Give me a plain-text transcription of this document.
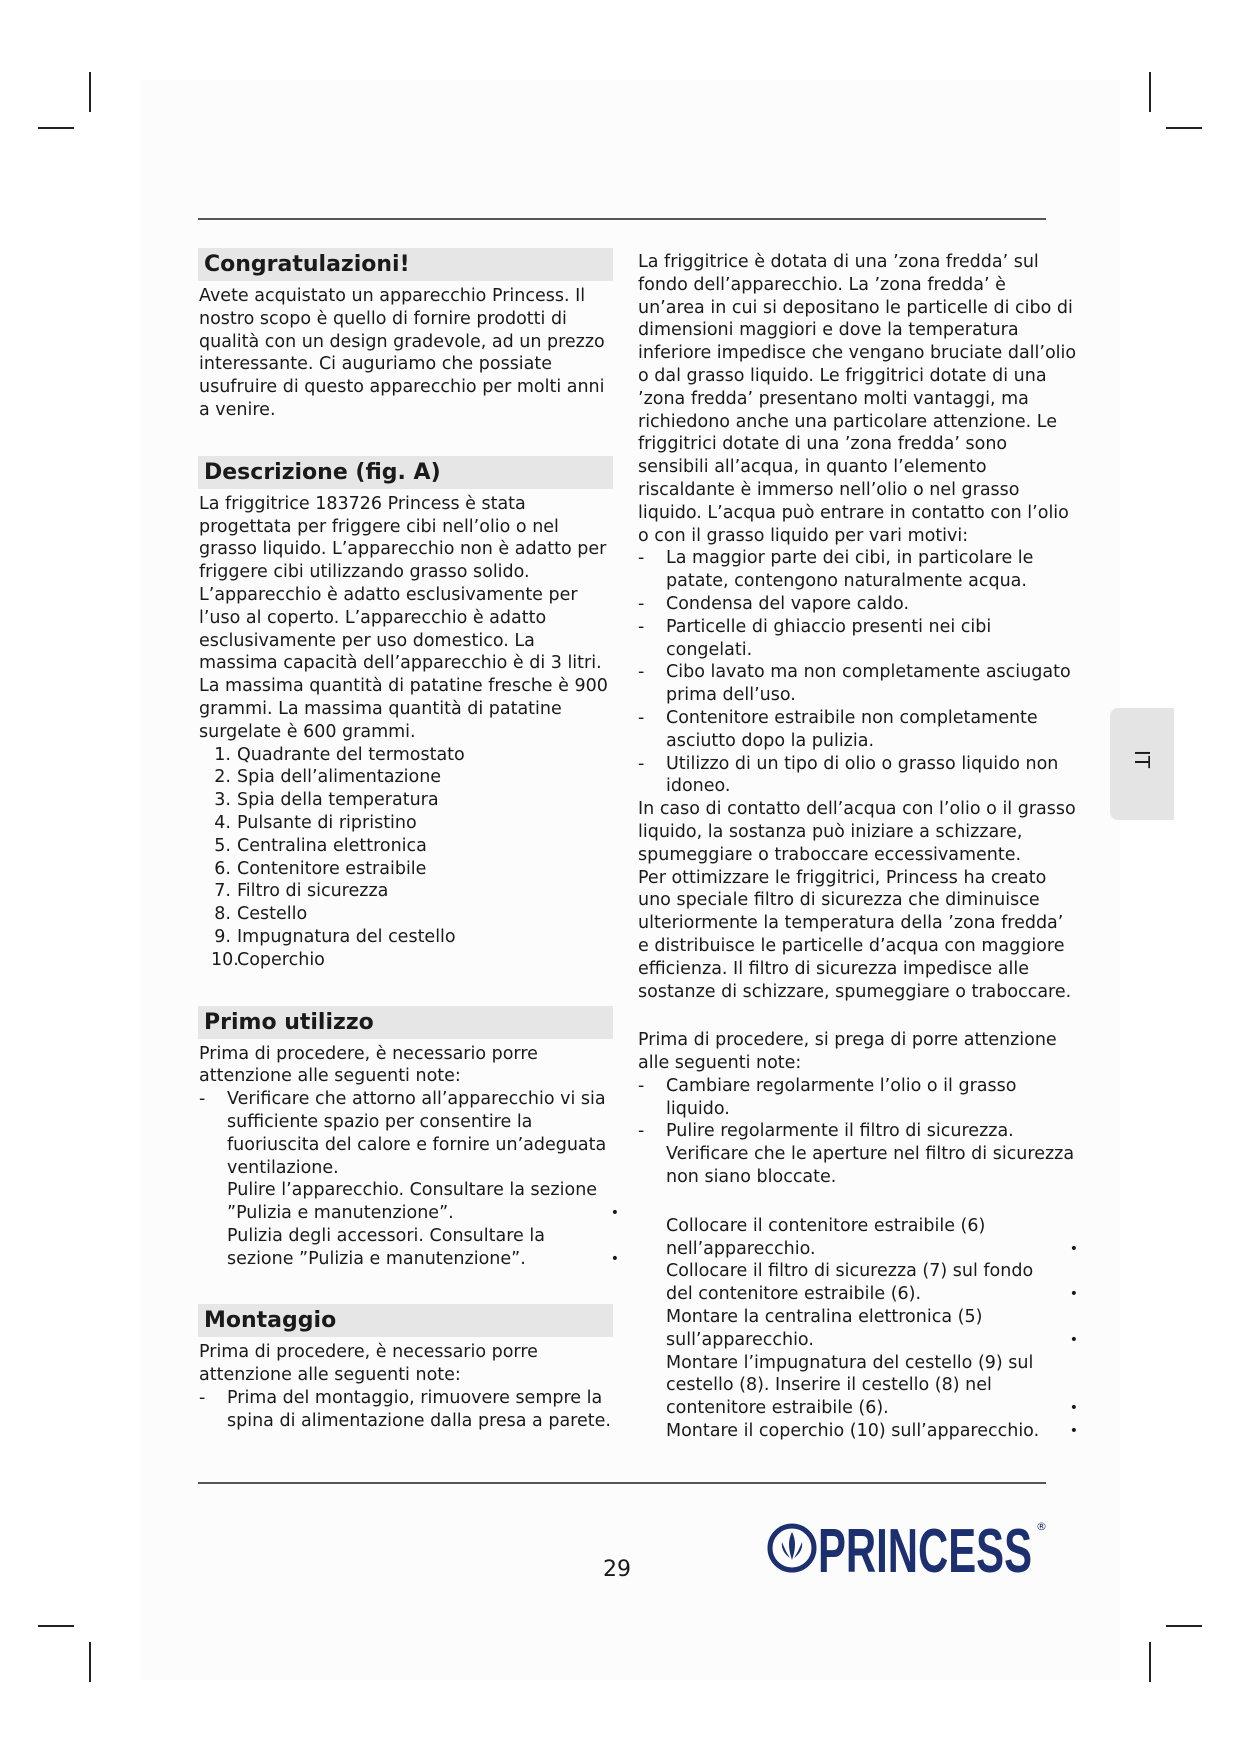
Congratulazioni!

Avete acquistato un apparecchio Princess. Il nostro scopo è quello di fornire prodotti di qualità con un design gradevole, ad un prezzo interessante. Ci auguriamo che possiate usufruire di questo apparecchio per molti anni a venire.

Descrizione (fig. A)

La friggitrice 183726 Princess è stata progettata per friggere cibi nell’olio o nel grasso liquido. L’apparecchio non è adatto per friggere cibi utilizzando grasso solido. L’apparecchio è adatto esclusivamente per l’uso al coperto. L’apparecchio è adatto esclusivamente per uso domestico. La massima capacità dell’apparecchio è di 3 litri. La massima quantità di patatine fresche è 900 grammi. La massima quantità di patatine surgelate è 600 grammi.

1. Quadrante del termostato
2. Spia dell’alimentazione
3. Spia della temperatura
4. Pulsante di ripristino
5. Centralina elettronica
6. Contenitore estraibile
7. Filtro di sicurezza
8. Cestello
9. Impugnatura del cestello
10.Coperchio
Primo utilizzo

Prima di procedere, è necessario porre attenzione alle seguenti note:

- Verificare che attorno all’apparecchio vi sia sufficiente spazio per consentire la fuoriuscita del calore e fornire un’adeguata ventilazione.
Pulire l’apparecchio. Consultare la sezione ”Pulizia e manutenzione”.	•
Pulizia degli accessori. Consultare la sezione ”Pulizia e manutenzione”.	•
Montaggio

Prima di procedere, è necessario porre attenzione alle seguenti note:

- Prima del montaggio, rimuovere sempre la spina di alimentazione dalla presa a parete.

La friggitrice è dotata di una ’zona fredda’ sul fondo dell’apparecchio. La ’zona fredda’ è un’area in cui si depositano le particelle di cibo di dimensioni maggiori e dove la temperatura inferiore impedisce che vengano bruciate dall’olio o dal grasso liquido. Le friggitrici dotate di una ’zona fredda’ presentano molti vantaggi, ma richiedono anche una particolare attenzione. Le friggitrici dotate di una ’zona fredda’ sono sensibili all’acqua, in quanto l’elemento riscaldante è immerso nell’olio o nel grasso liquido. L’acqua può entrare in contatto con l’olio o con il grasso liquido per vari motivi:

- La maggior parte dei cibi, in particolare le patate, contengono naturalmente acqua.
- Condensa del vapore caldo.
- Particelle di ghiaccio presenti nei cibi congelati.
- Cibo lavato ma non completamente asciugato prima dell’uso.
- Contenitore estraibile non completamente asciutto dopo la pulizia.
- Utilizzo di un tipo di olio o grasso liquido non idoneo.

In caso di contatto dell’acqua con l’olio o il grasso liquido, la sostanza può iniziare a schizzare, spumeggiare o traboccare eccessivamente.

Per ottimizzare le friggitrici, Princess ha creato uno speciale filtro di sicurezza che diminuisce ulteriormente la temperatura della ’zona fredda’ e distribuisce le particelle d’acqua con maggiore efficienza. Il filtro di sicurezza impedisce alle sostanze di schizzare, spumeggiare o traboccare.

Prima di procedere, si prega di porre attenzione alle seguenti note:

- Cambiare regolarmente l’olio o il grasso liquido.
- Pulire regolarmente il filtro di sicurezza. Verificare che le aperture nel filtro di sicurezza non siano bloccate.
Collocare il contenitore estraibile (6) nell’apparecchio.	•
Collocare il filtro di sicurezza (7) sul fondo del contenitore estraibile (6).	•
Montare la centralina elettronica (5) sull’apparecchio.	•
Montare l’impugnatura del cestello (9) sul cestello (8). Inserire il cestello (8) nel contenitore estraibile (6).	•
Montare il coperchio (10) sull’apparecchio. •
IT
29	PRINCESS ®
